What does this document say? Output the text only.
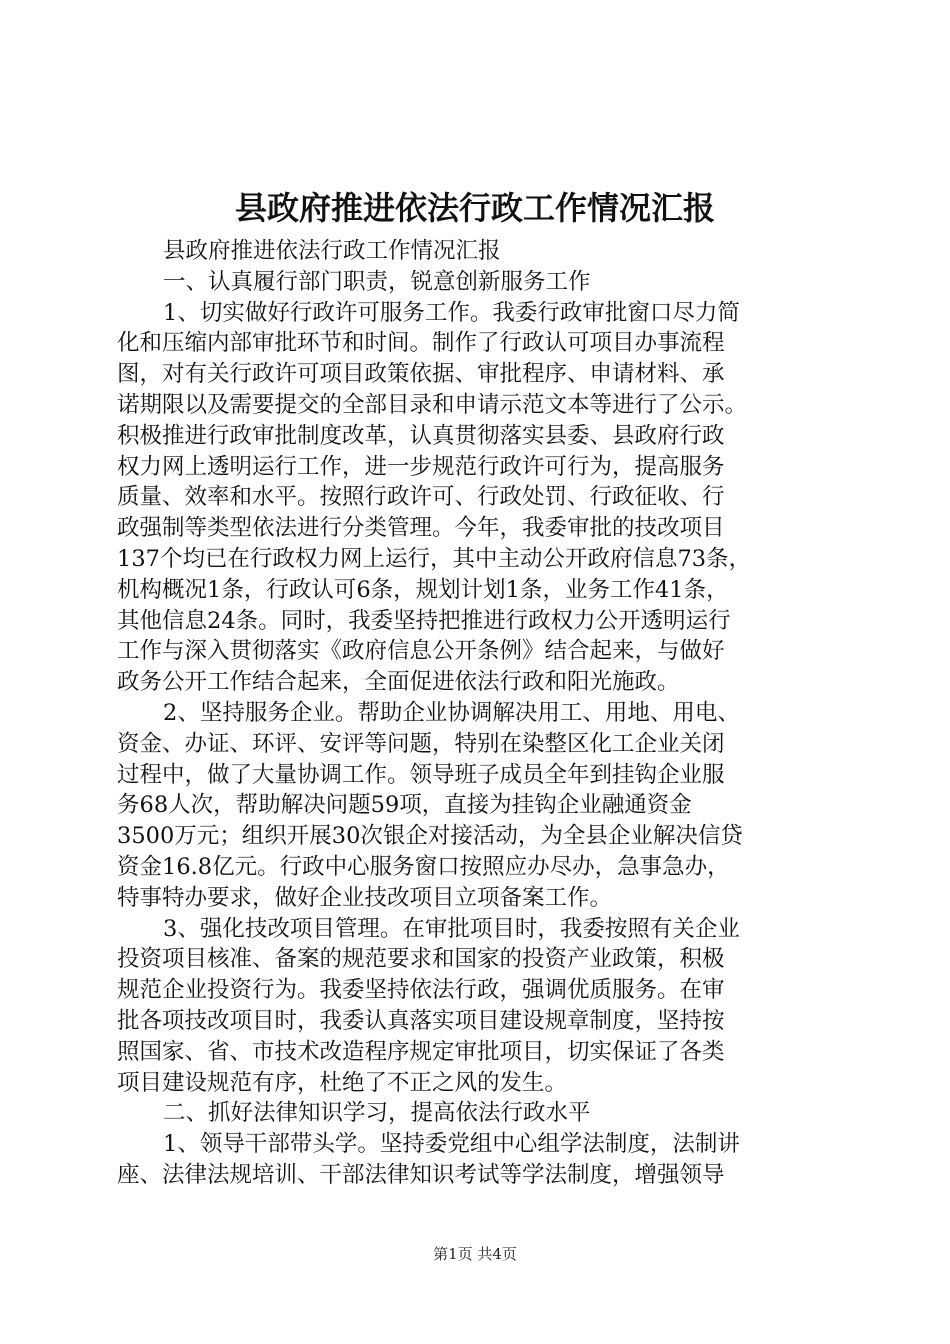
县政府推进依法行政工作情况汇报
县政府推进依法行政工作情况汇报
一、认真履行部门职责，锐意创新服务工作
1、切实做好行政许可服务工作。我委行政审批窗口尽力简
化和压缩内部审批环节和时间。制作了行政认可项目办事流程
图，对有关行政许可项目政策依据、审批程序、申请材料、承
诺期限以及需要提交的全部目录和申请示范文本等进行了公示。
积极推进行政审批制度改革，认真贯彻落实县委、县政府行政
权力网上透明运行工作，进一步规范行政许可行为，提高服务
质量、效率和水平。按照行政许可、行政处罚、行政征收、行
政强制等类型依法进行分类管理。今年，我委审批的技改项目
137个均已在行政权力网上运行，其中主动公开政府信息73条，
机构概况1条，行政认可6条，规划计划1条，业务工作41条，
其他信息24条。同时，我委坚持把推进行政权力公开透明运行
工作与深入贯彻落实《政府信息公开条例》结合起来，与做好
政务公开工作结合起来，全面促进依法行政和阳光施政。
2、坚持服务企业。帮助企业协调解决用工、用地、用电、
资金、办证、环评、安评等问题，特别在染整区化工企业关闭
过程中，做了大量协调工作。领导班子成员全年到挂钩企业服
务68人次，帮助解决问题59项，直接为挂钩企业融通资金
3500万元；组织开展30次银企对接活动，为全县企业解决信贷
资金16.8亿元。行政中心服务窗口按照应办尽办，急事急办，
特事特办要求，做好企业技改项目立项备案工作。
3、强化技改项目管理。在审批项目时，我委按照有关企业
投资项目核准、备案的规范要求和国家的投资产业政策，积极
规范企业投资行为。我委坚持依法行政，强调优质服务。在审
批各项技改项目时，我委认真落实项目建设规章制度，坚持按
照国家、省、市技术改造程序规定审批项目，切实保证了各类
项目建设规范有序，杜绝了不正之风的发生。
二、抓好法律知识学习，提高依法行政水平
1、领导干部带头学。坚持委党组中心组学法制度，法制讲
座、法律法规培训、干部法律知识考试等学法制度，增强领导
第1页 共4页
